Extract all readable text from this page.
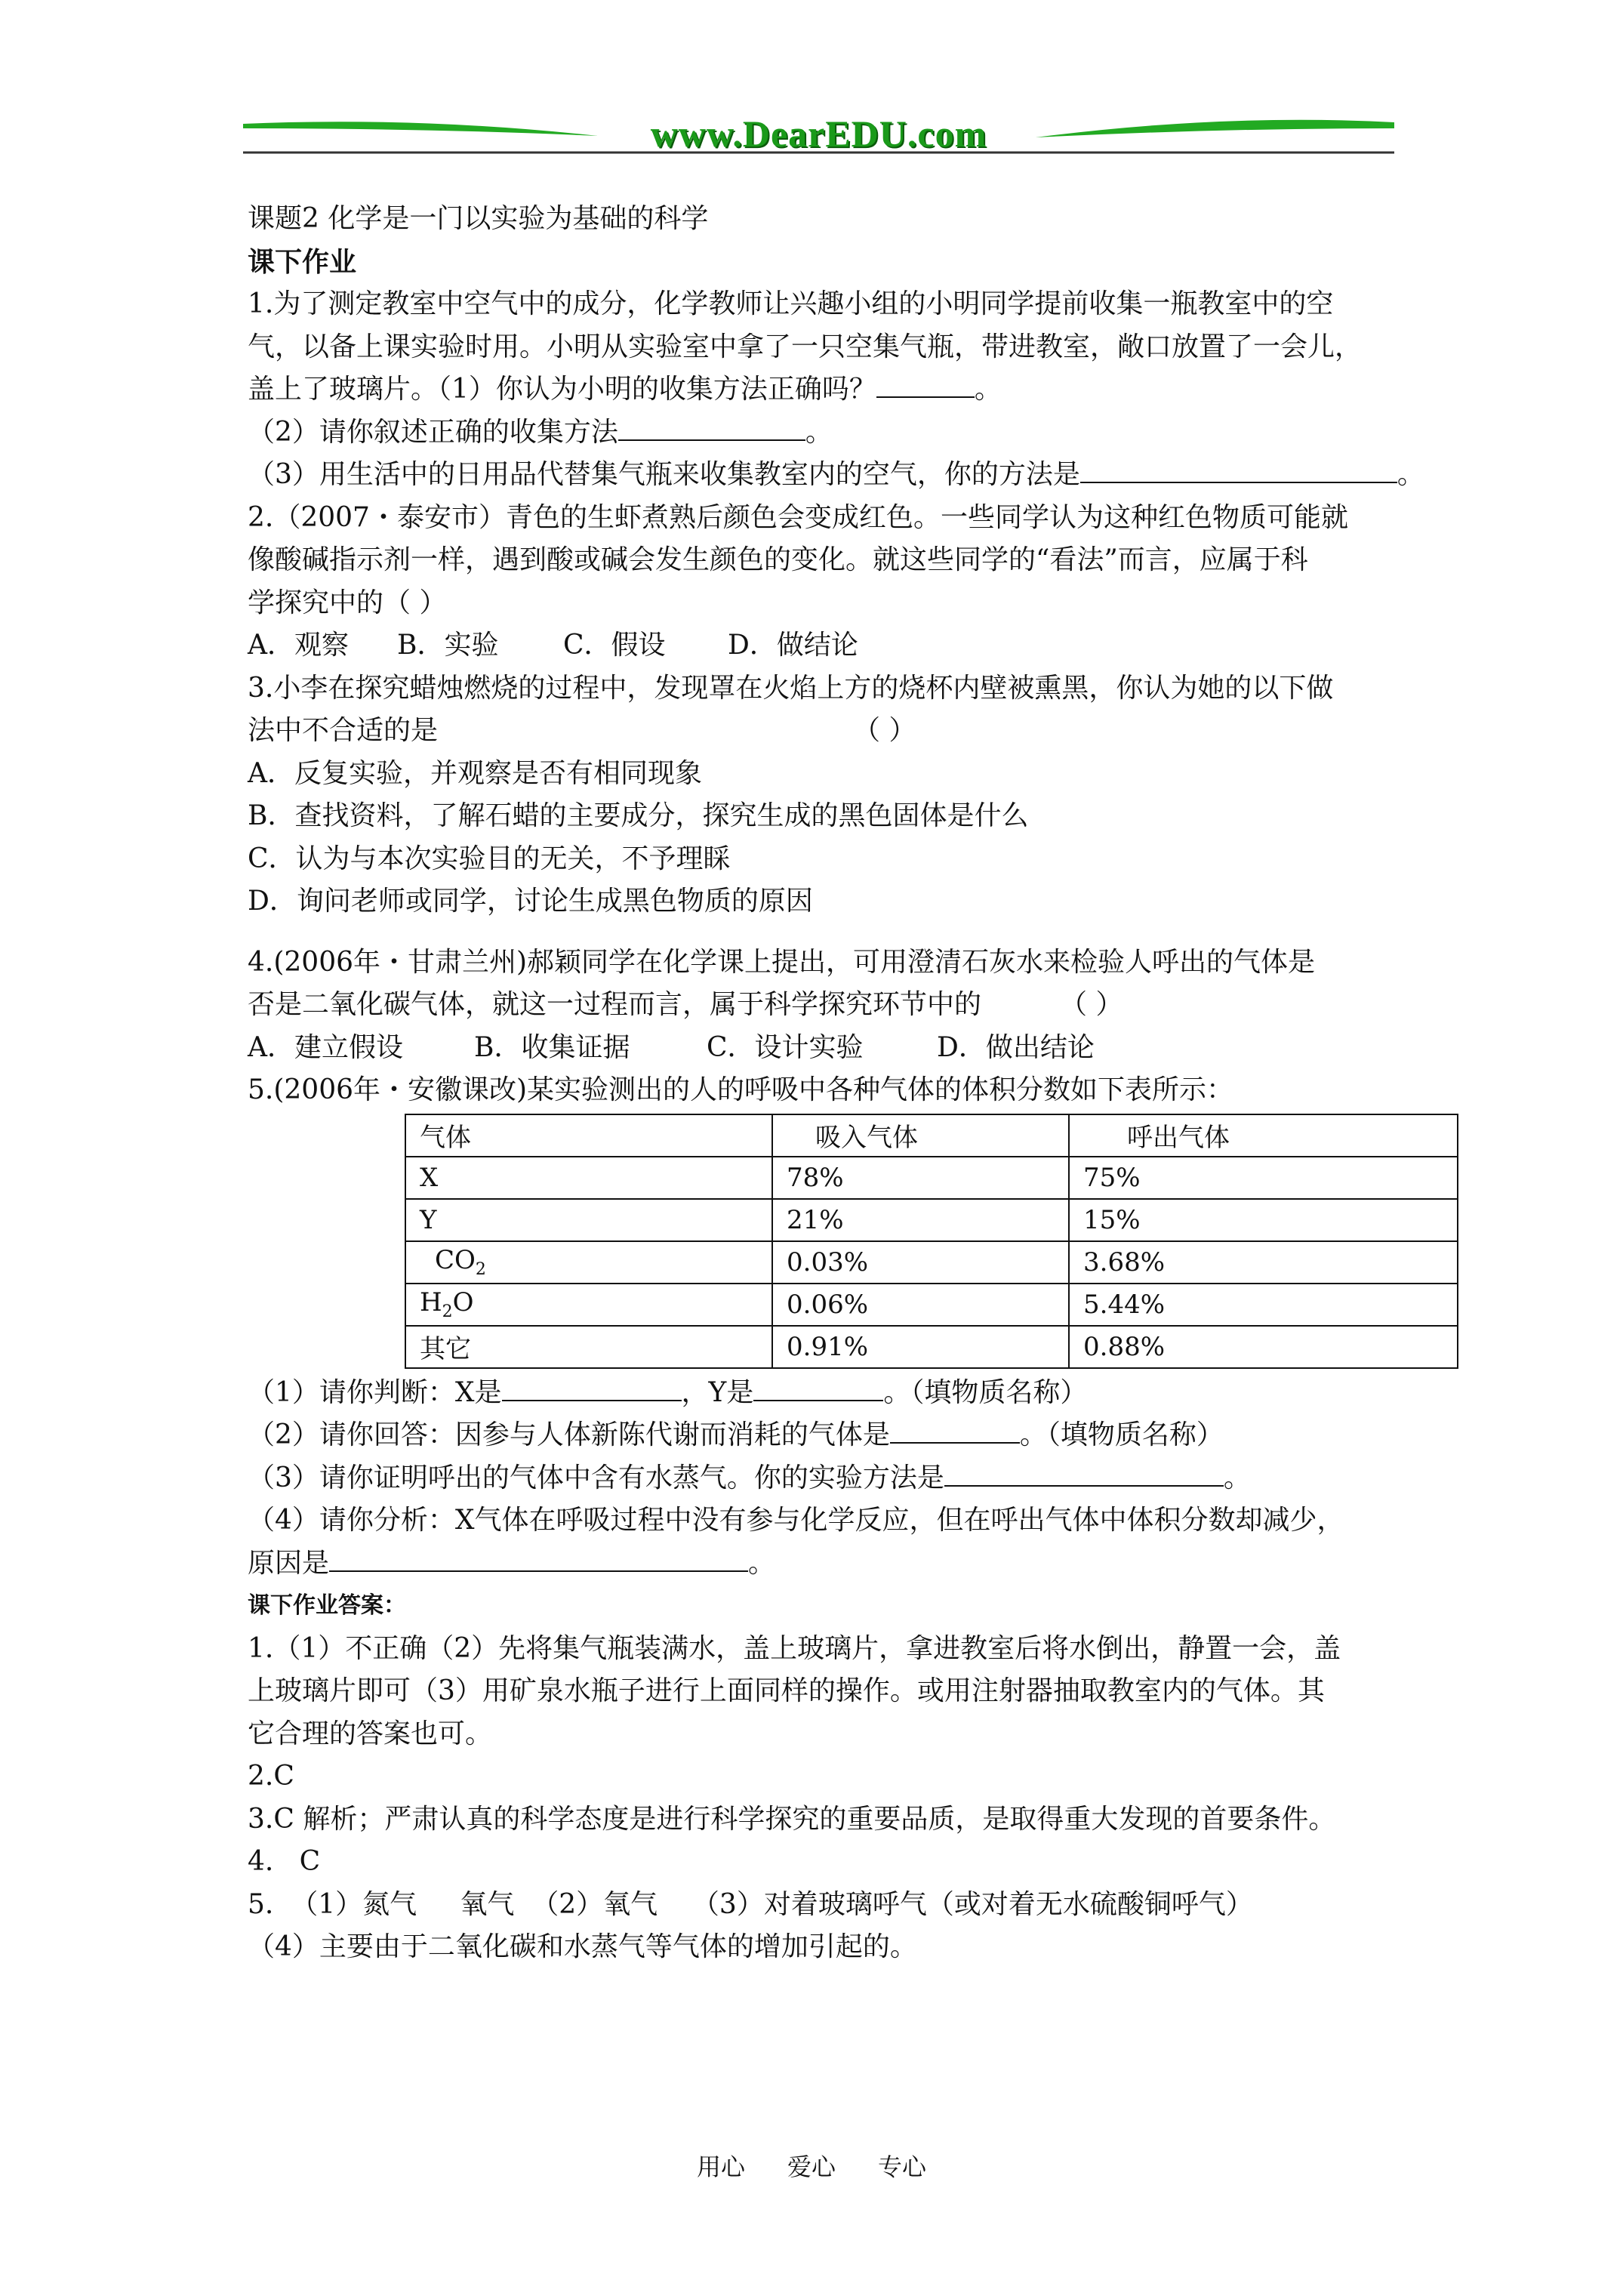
www.DearEDU.com
课题2 化学是一门以实验为基础的科学
课下作业
1.为了测定教室中空气中的成分，化学教师让兴趣小组的小明同学提前收集一瓶教室中的空
气，以备上课实验时用。小明从实验室中拿了一只空集气瓶，带进教室，敞口放置了一会儿，
盖上了玻璃片。（1）你认为小明的收集方法正确吗？	。
（2）请你叙述正确的收集方法	。
（3）用生活中的日用品代替集气瓶来收集教室内的空气，你的方法是	。
2.（2007・泰安市）青色的生虾煮熟后颜色会变成红色。一些同学认为这种红色物质可能就
像酸碱指示剂一样，遇到酸或碱会发生颜色的变化。就这些同学的“看法”而言，应属于科
学探究中的（ ）
A．观察 B．实验 C．假设 D．做结论
3.小李在探究蜡烛燃烧的过程中，发现罩在火焰上方的烧杯内壁被熏黑，你认为她的以下做
法中不合适的是	（ ）
A．反复实验，并观察是否有相同现象
B．查找资料，了解石蜡的主要成分，探究生成的黑色固体是什么
C．认为与本次实验目的无关，不予理睬
D．询问老师或同学，讨论生成黑色物质的原因
4.(2006年・甘肃兰州)郝颖同学在化学课上提出，可用澄清石灰水来检验人呼出的气体是
否是二氧化碳气体，就这一过程而言，属于科学探究环节中的	（ ）
A．建立假设	B．收集证据	C．设计实验	D．做出结论
5.(2006年・安徽课改)某实验测出的人的呼吸中各种气体的体积分数如下表所示：
气体	吸入气体	呼出气体
X	78%	75%
Y	21%	15%
$CO_2$	0.03%	3.68%
$H_2O$	0.06%	5.44%
其它	0.91%	0.88%
（1）请你判断：X是	，Y是	。（填物质名称）
（2）请你回答：因参与人体新陈代谢而消耗的气体是	。（填物质名称）
（3）请你证明呼出的气体中含有水蒸气。你的实验方法是	。
（4）请你分析：X气体在呼吸过程中没有参与化学反应，但在呼出气体中体积分数却减少，
原因是	。
课下作业答案：
1.（1）不正确（2）先将集气瓶装满水，盖上玻璃片，拿进教室后将水倒出，静置一会，盖
上玻璃片即可（3）用矿泉水瓶子进行上面同样的操作。或用注射器抽取教室内的气体。其
它合理的答案也可。
2.C
3.C 解析；严肃认真的科学态度是进行科学探究的重要品质，是取得重大发现的首要条件。
4.   C
5.  （1）氮气     氧气  （2）氧气    （3）对着玻璃呼气（或对着无水硫酸铜呼气）
（4）主要由于二氧化碳和水蒸气等气体的增加引起的。
用心 爱心 专心
